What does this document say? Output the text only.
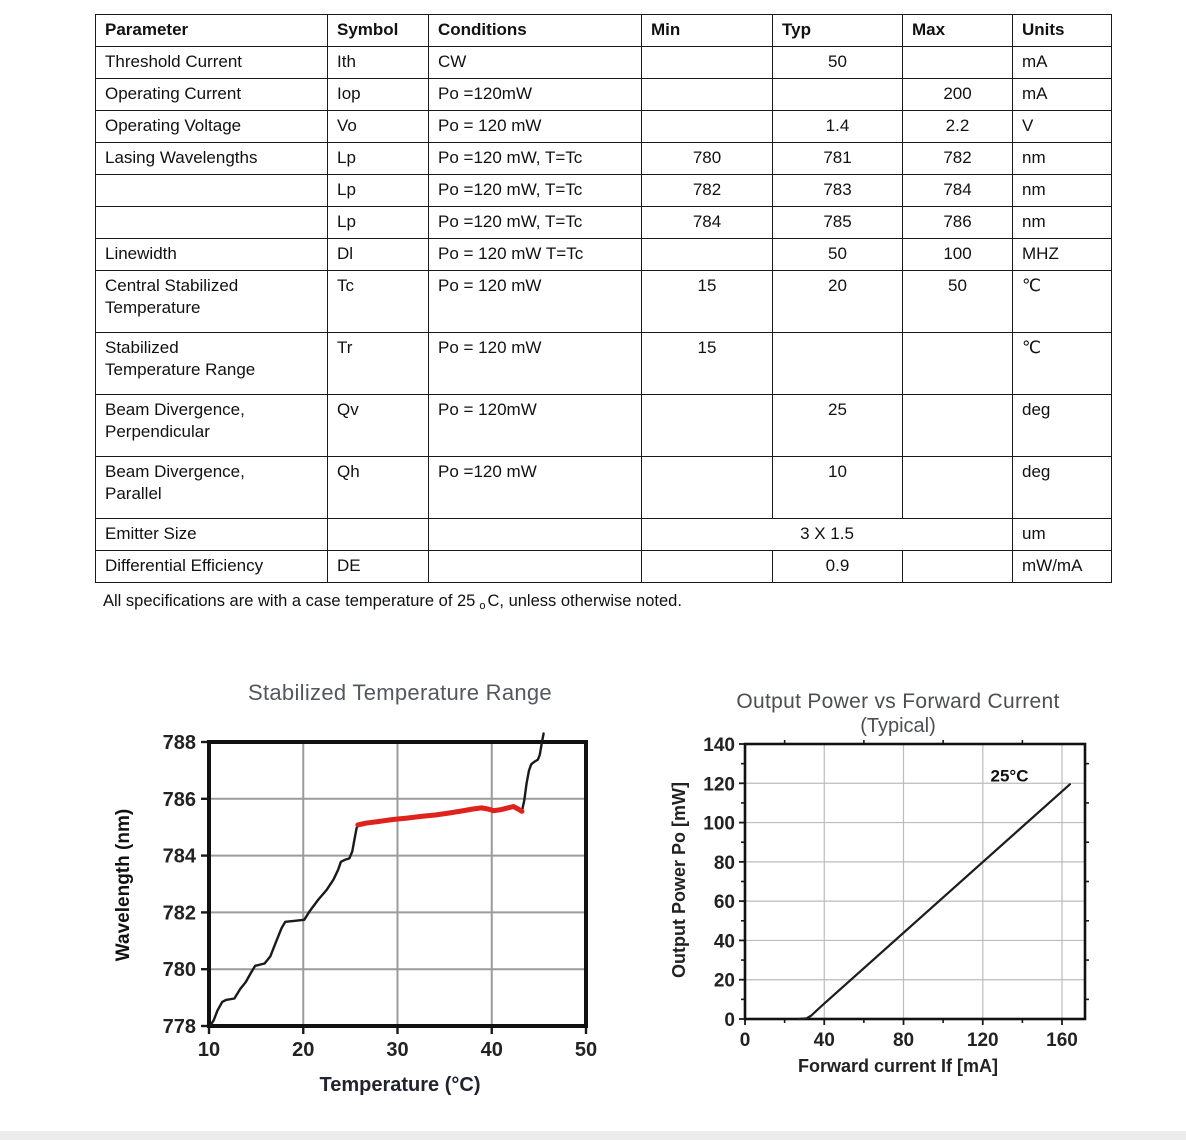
Parameter	Symbol	Conditions	Min	Typ	Max	Units
Threshold Current	Ith	CW		50		mA
Operating Current	Iop	Po =120mW			200	mA
Operating Voltage	Vo	Po = 120 mW		1.4	2.2	V
Lasing Wavelengths	Lp	Po =120 mW, T=Tc	780	781	782	nm
	Lp	Po =120 mW, T=Tc	782	783	784	nm
	Lp	Po =120 mW, T=Tc	784	785	786	nm
Linewidth	Dl	Po = 120 mW T=Tc		50	100	MHZ
Central Stabilized
Temperature	Tc	Po = 120 mW	15	20	50	℃
Stabilized
Temperature Range	Tr	Po = 120 mW	15			℃
Beam Divergence,
Perpendicular	Qv	Po = 120mW		25		deg
Beam Divergence,
Parallel	Qh	Po =120 mW		10		deg
Emitter Size			3 X 1.5			um
Differential Efficiency	DE			0.9		mW/mA
All specifications are with a case temperature of 25 o C, unless otherwise noted.
Stabilized Temperature Range
Wavelength (nm)
10	20	30	40	50
778
780
782
784
786
788
Temperature (°C)
Output Power vs Forward Current
(Typical)
Output Power Po [mW]
0	40	80	120	160
0
20
40
60
80
100
120
140
25°C
Forward current If [mA]
